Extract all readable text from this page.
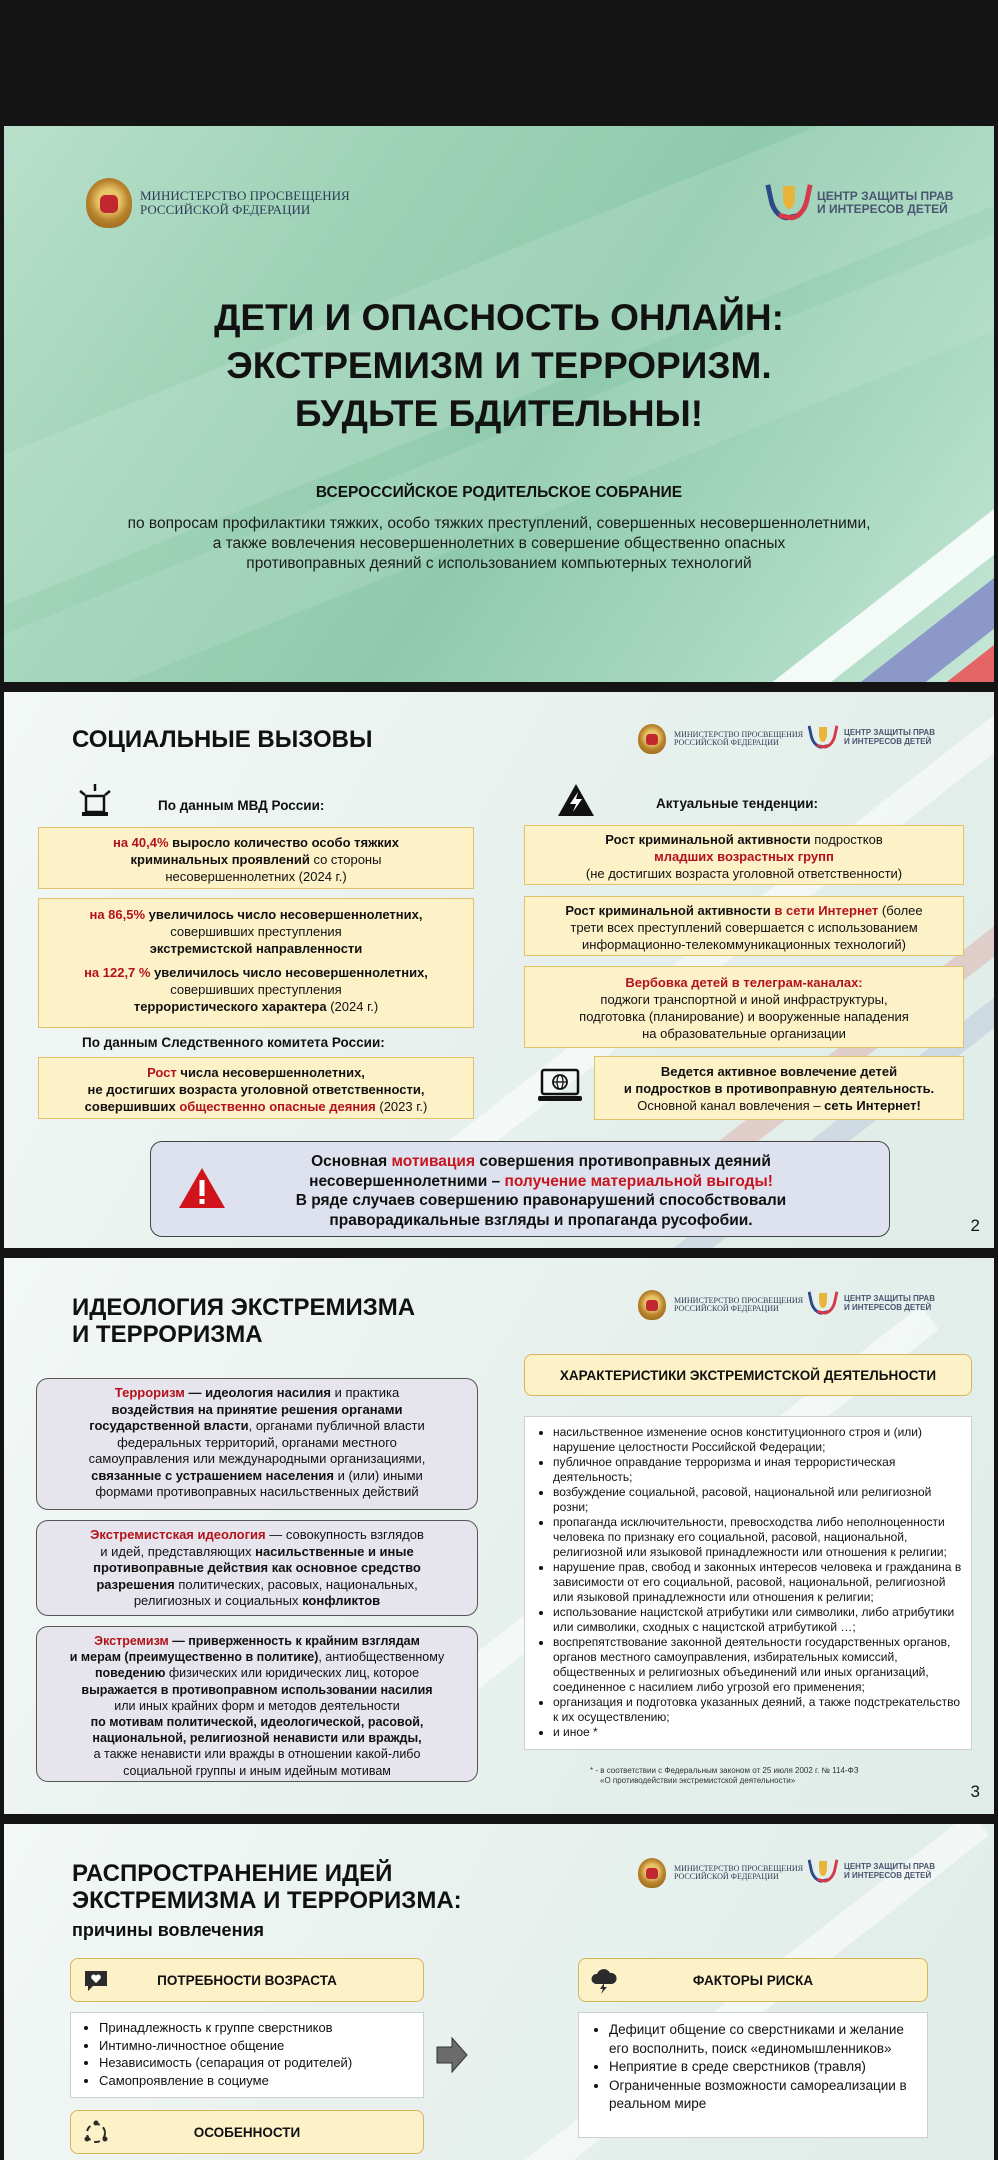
МИНИСТЕРСТВО ПРОСВЕЩЕНИЯ
РОССИЙСКОЙ ФЕДЕРАЦИИ
ЦЕНТР ЗАЩИТЫ ПРАВ
И ИНТЕРЕСОВ ДЕТЕЙ
ДЕТИ И ОПАСНОСТЬ ОНЛАЙН:
ЭКСТРЕМИЗМ И ТЕРРОРИЗМ.
БУДЬТЕ БДИТЕЛЬНЫ!
ВСЕРОССИЙСКОЕ РОДИТЕЛЬСКОЕ СОБРАНИЕ
по вопросам профилактики тяжких, особо тяжких преступлений, совершенных несовершеннолетними,
а также вовлечения несовершеннолетних в совершение общественно опасных
противоправных деяний с использованием компьютерных технологий
СОЦИАЛЬНЫЕ ВЫЗОВЫ	МИНИСТЕРСТВО ПРОСВЕЩЕНИЯ
РОССИЙСКОЙ ФЕДЕРАЦИИ
ЦЕНТР ЗАЩИТЫ ПРАВ
И ИНТЕРЕСОВ ДЕТЕЙ
По данным МВД России:
на 40,4% выросло количество особо тяжких
криминальных проявлений со стороны
несовершеннолетних (2024 г.)
на 86,5% увеличилось число несовершеннолетних,
совершивших преступления
экстремистской направленности

на 122,7 % увеличилось число несовершеннолетних,
совершивших преступления
террористического характера (2024 г.)
По данным Следственного комитета России:
Рост числа несовершеннолетних,
не достигших возраста уголовной ответственности,
совершивших общественно опасные деяния (2023 г.)
Актуальные тенденции:
Рост криминальной активности подростков
младших возрастных групп
(не достигших возраста уголовной ответственности)
Рост криминальной активности в сети Интернет (более
трети всех преступлений совершается с использованием
информационно-телекоммуникационных технологий)
Вербовка детей в телеграм-каналах:
поджоги транспортной и иной инфраструктуры,
подготовка (планирование) и вооруженные нападения
на образовательные организации
Ведется активное вовлечение детей
и подростков в противоправную деятельность.
Основной канал вовлечения – сеть Интернет!
Основная мотивация совершения противоправных деяний
несовершеннолетними – получение материальной выгоды!
В ряде случаев совершению правонарушений способствовали
праворадикальные взгляды и пропаганда русофобии.	2
ИДЕОЛОГИЯ ЭКСТРЕМИЗМА
И ТЕРРОРИЗМА
МИНИСТЕРСТВО ПРОСВЕЩЕНИЯ
РОССИЙСКОЙ ФЕДЕРАЦИИ
ЦЕНТР ЗАЩИТЫ ПРАВ
И ИНТЕРЕСОВ ДЕТЕЙ
Терроризм — идеология насилия и практика
воздействия на принятие решения органами
государственной власти, органами публичной власти
федеральных территорий, органами местного
самоуправления или международными организациями,
связанные с устрашением населения и (или) иными
формами противоправных насильственных действий
Экстремистская идеология — совокупность взглядов
и идей, представляющих насильственные и иные
противоправные действия как основное средство
разрешения политических, расовых, национальных,
религиозных и социальных конфликтов
Экстремизм — приверженность к крайним взглядам
и мерам (преимущественно в политике), антиобщественному
поведению физических или юридических лиц, которое
выражается в противоправном использовании насилия
или иных крайних форм и методов деятельности
по мотивам политической, идеологической, расовой,
национальной, религиозной ненависти или вражды,
а также ненависти или вражды в отношении какой-либо
социальной группы и иным идейным мотивам
ХАРАКТЕРИСТИКИ ЭКСТРЕМИСТСКОЙ ДЕЯТЕЛЬНОСТИ
• насильственное изменение основ конституционного строя и (или) нарушение целостности Российской Федерации;
• публичное оправдание терроризма и иная террористическая деятельность;
• возбуждение социальной, расовой, национальной или религиозной розни;
• пропаганда исключительности, превосходства либо неполноценности человека по признаку его социальной, расовой, национальной, религиозной или языковой принадлежности или отношения к религии;
• нарушение прав, свобод и законных интересов человека и гражданина в зависимости от его социальной, расовой, национальной, религиозной или языковой принадлежности или отношения к религии;
• использование нацистской атрибутики или символики, либо атрибутики или символики, сходных с нацистской атрибутикой …;
• воспрепятствование законной деятельности государственных органов, органов местного самоуправления, избирательных комиссий, общественных и религиозных объединений или иных организаций, соединенное с насилием либо угрозой его применения;
• организация и подготовка указанных деяний, а также подстрекательство к их осуществлению;
• и иное *
* - в соответствии с Федеральным законом от 25 июля 2002 г. № 114-ФЗ
«О противодействии экстремистской деятельности»
3
РАСПРОСТРАНЕНИЕ ИДЕЙ
ЭКСТРЕМИЗМА И ТЕРРОРИЗМА:
причины вовлечения
МИНИСТЕРСТВО ПРОСВЕЩЕНИЯ
РОССИЙСКОЙ ФЕДЕРАЦИИ
ЦЕНТР ЗАЩИТЫ ПРАВ
И ИНТЕРЕСОВ ДЕТЕЙ
ПОТРЕБНОСТИ ВОЗРАСТА
• Принадлежность к группе сверстников
• Интимно-личностное общение
• Независимость (сепарация от родителей)
• Самопроявление в социуме
ОСОБЕННОСТИ
ФАКТОРЫ РИСКА
• Дефицит общение со сверстниками и желание его восполнить, поиск «единомышленников»
• Неприятие в среде сверстников (травля)
• Ограниченные возможности самореализации в реальном мире
